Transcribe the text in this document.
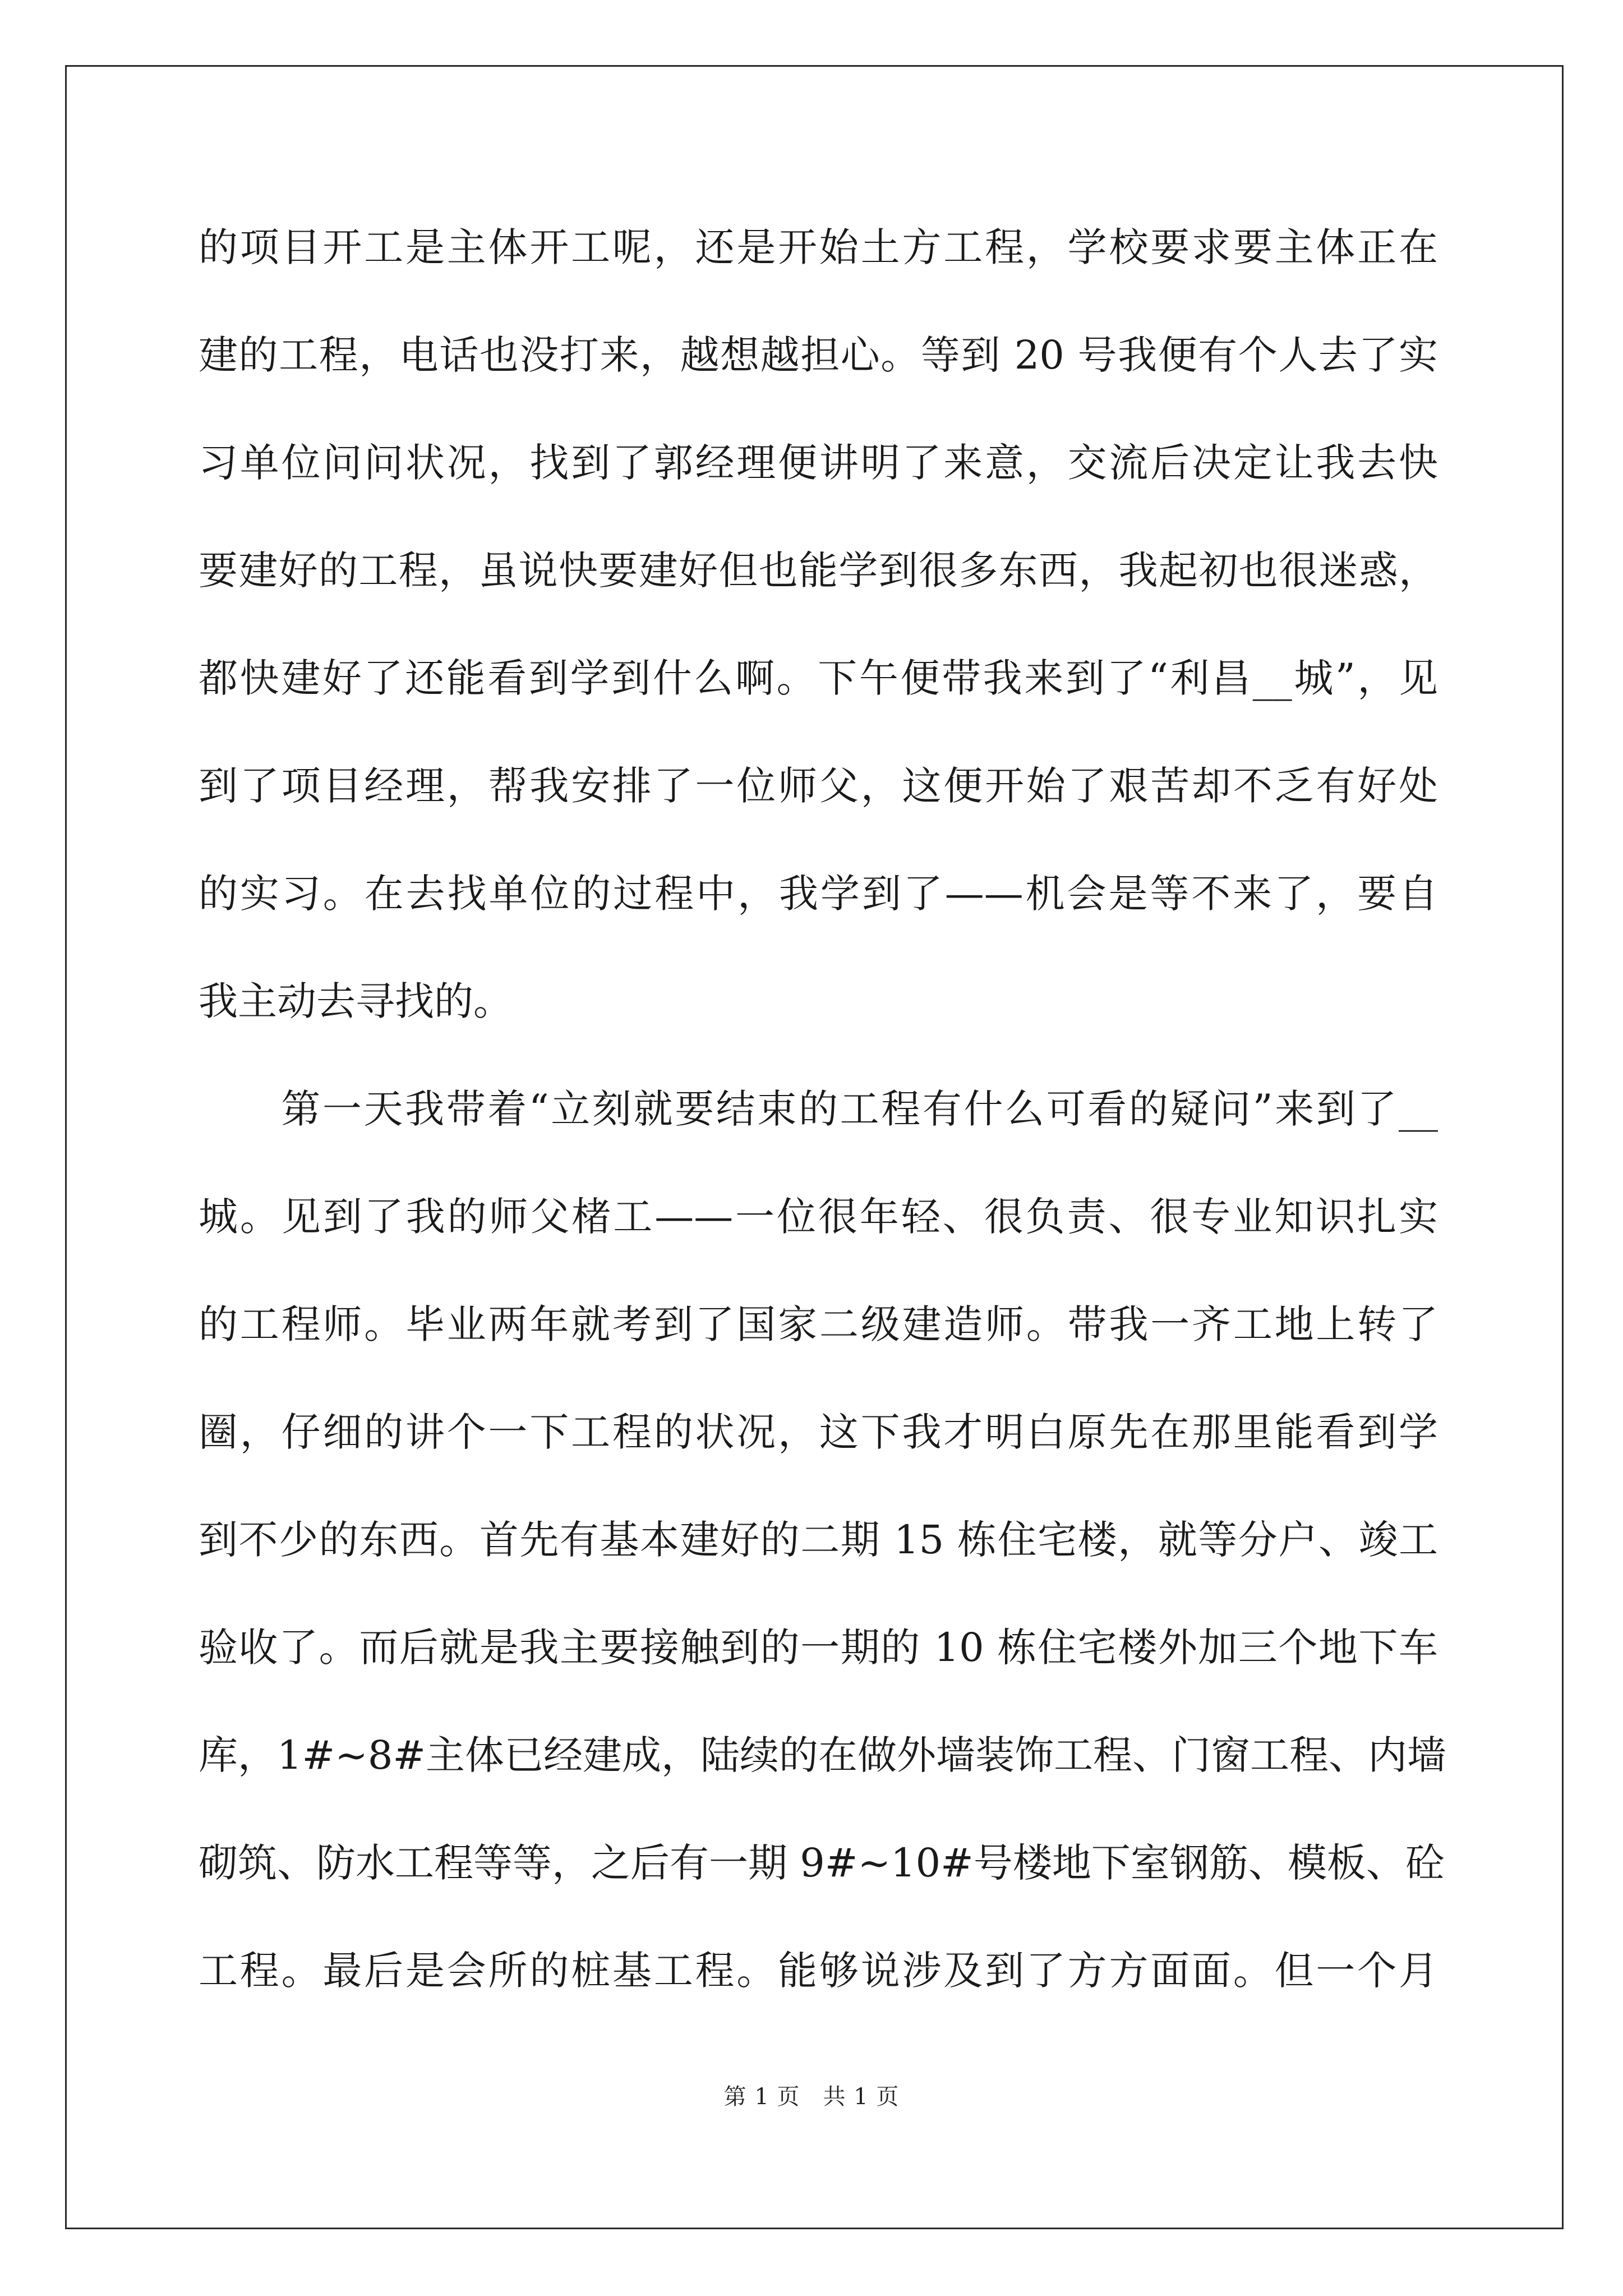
的项目开工是主体开工呢，还是开始土方工程，学校要求要主体正在
建的工程，电话也没打来，越想越担心。等到 20 号我便有个人去了实
习单位问问状况，找到了郭经理便讲明了来意，交流后决定让我去快
要建好的工程，虽说快要建好但也能学到很多东西，我起初也很迷惑，
都快建好了还能看到学到什么啊。下午便带我来到了“利昌__城”，见
到了项目经理，帮我安排了一位师父，这便开始了艰苦却不乏有好处
的实习。在去找单位的过程中，我学到了——机会是等不来了，要自
我主动去寻找的。
　　第一天我带着“立刻就要结束的工程有什么可看的疑问”来到了__
城。见到了我的师父楮工——一位很年轻、很负责、很专业知识扎实
的工程师。毕业两年就考到了国家二级建造师。带我一齐工地上转了
圈，仔细的讲个一下工程的状况，这下我才明白原先在那里能看到学
到不少的东西。首先有基本建好的二期 15 栋住宅楼，就等分户、竣工
验收了。而后就是我主要接触到的一期的 10 栋住宅楼外加三个地下车
库，1#~8#主体已经建成，陆续的在做外墙装饰工程、门窗工程、内墙
砌筑、防水工程等等，之后有一期 9#~10#号楼地下室钢筋、模板、砼
工程。最后是会所的桩基工程。能够说涉及到了方方面面。但一个月
第 1 页　共 1 页
